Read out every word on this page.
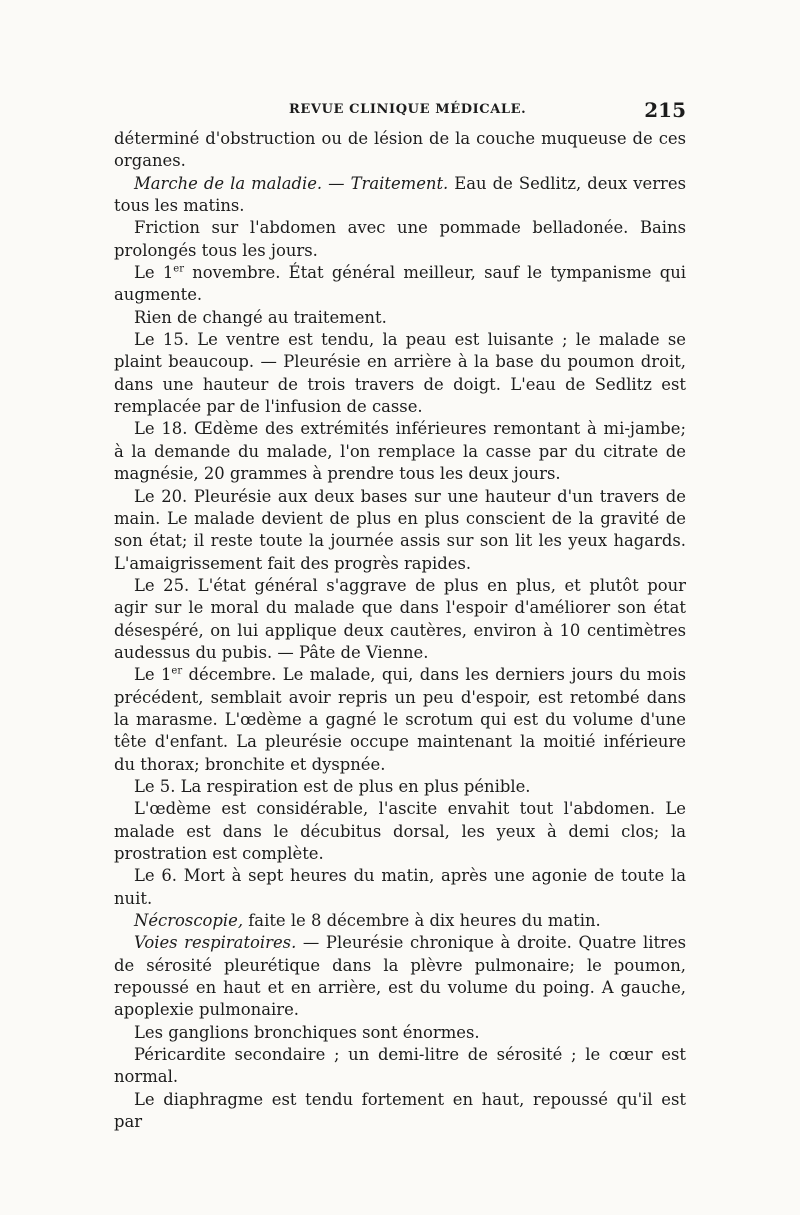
REVUE CLINIQUE MÉDICALE.	215

déterminé d'obstruction ou de lésion de la couche muqueuse de ces organes.

Marche de la maladie. — Traitement. Eau de Sedlitz, deux verres tous les matins.

Friction sur l'abdomen avec une pommade belladonée. Bains prolongés tous les jours.

Le 1er novembre. État général meilleur, sauf le tympanisme qui augmente.

Rien de changé au traitement.

Le 15. Le ventre est tendu, la peau est luisante ; le malade se plaint beaucoup. — Pleurésie en arrière à la base du poumon droit, dans une hauteur de trois travers de doigt. L'eau de Sedlitz est remplacée par de l'infusion de casse.

Le 18. Œdème des extrémités inférieures remontant à mi-jambe; à la demande du malade, l'on remplace la casse par du citrate de magnésie, 20 grammes à prendre tous les deux jours.

Le 20. Pleurésie aux deux bases sur une hauteur d'un travers de main. Le malade devient de plus en plus conscient de la gravité de son état; il reste toute la journée assis sur son lit les yeux hagards. L'amaigrissement fait des progrès rapides.

Le 25. L'état général s'aggrave de plus en plus, et plutôt pour agir sur le moral du malade que dans l'espoir d'améliorer son état désespéré, on lui applique deux cautères, environ à 10 centimètres audessus du pubis. — Pâte de Vienne.

Le 1er décembre. Le malade, qui, dans les derniers jours du mois précédent, semblait avoir repris un peu d'espoir, est retombé dans la marasme. L'œdème a gagné le scrotum qui est du volume d'une tête d'enfant. La pleurésie occupe maintenant la moitié inférieure du thorax; bronchite et dyspnée.

Le 5. La respiration est de plus en plus pénible.

L'œdème est considérable, l'ascite envahit tout l'abdomen. Le malade est dans le décubitus dorsal, les yeux à demi clos; la prostration est complète.

Le 6. Mort à sept heures du matin, après une agonie de toute la nuit.

Nécroscopie, faite le 8 décembre à dix heures du matin.

Voies respiratoires. — Pleurésie chronique à droite. Quatre litres de sérosité pleurétique dans la plèvre pulmonaire; le poumon, repoussé en haut et en arrière, est du volume du poing. A gauche, apoplexie pulmonaire.

Les ganglions bronchiques sont énormes.

Péricardite secondaire ; un demi-litre de sérosité ; le cœur est normal.

Le diaphragme est tendu fortement en haut, repoussé qu'il est par
